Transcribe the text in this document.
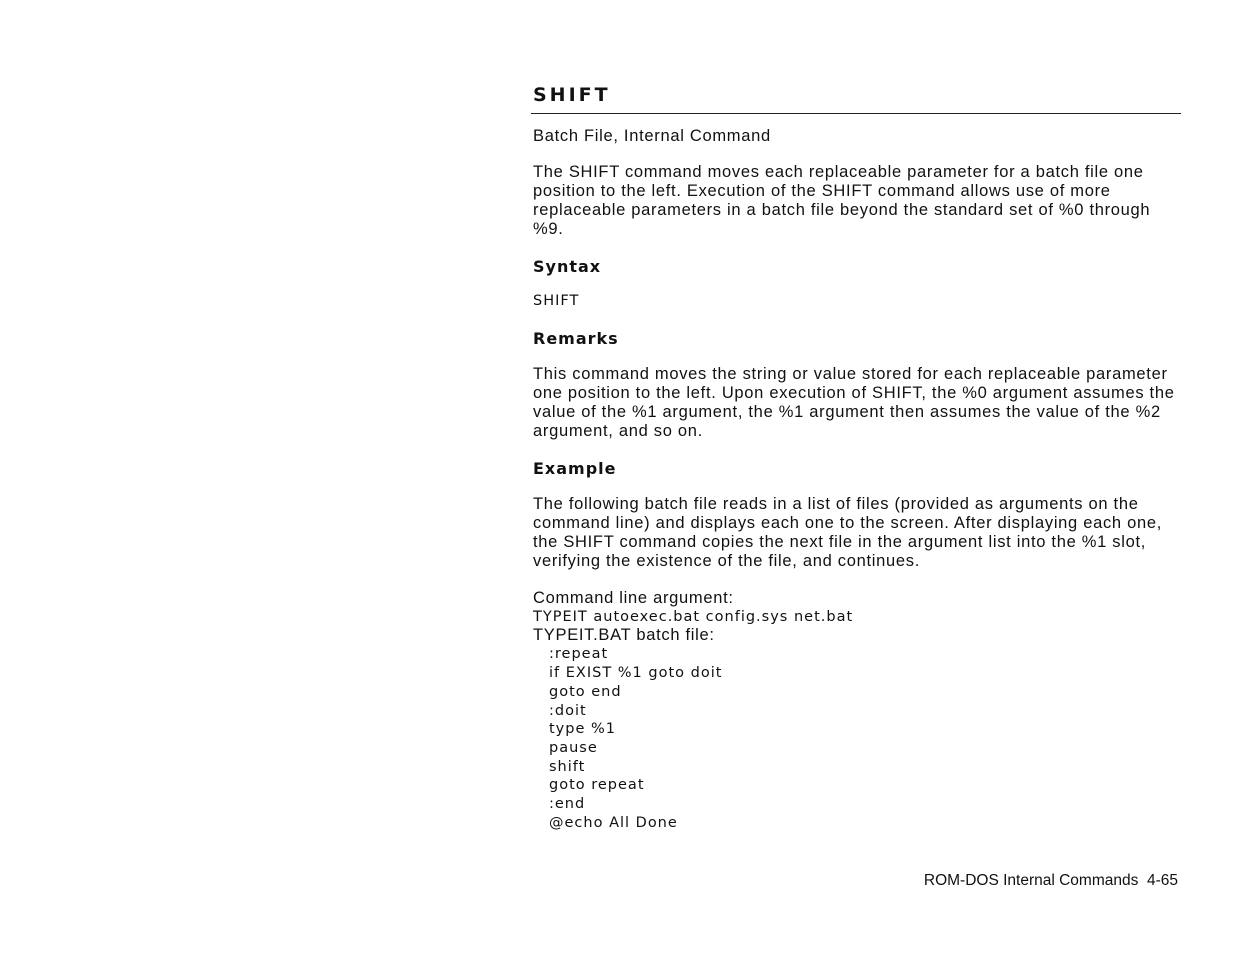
SHIFT

Batch File, Internal Command

The SHIFT command moves each replaceable parameter for a batch file one position to the left. Execution of the SHIFT command allows use of more replaceable parameters in a batch file beyond the standard set of %0 through %9.

Syntax

SHIFT

Remarks

This command moves the string or value stored for each replaceable parameter one position to the left. Upon execution of SHIFT, the %0 argument assumes the value of the %1 argument, the %1 argument then assumes the value of the %2 argument, and so on.

Example

The following batch file reads in a list of files (provided as arguments on the command line) and displays each one to the screen. After displaying each one, the SHIFT command copies the next file in the argument list into the %1 slot, verifying the existence of the file, and continues.

Command line argument:

TYPEIT autoexec.bat config.sys net.bat

TYPEIT.BAT batch file:

:repeat

if EXIST %1 goto doit

goto end

:doit

type %1

pause

shift

goto repeat

:end

@echo All Done

ROM-DOS Internal Commands  4-65
